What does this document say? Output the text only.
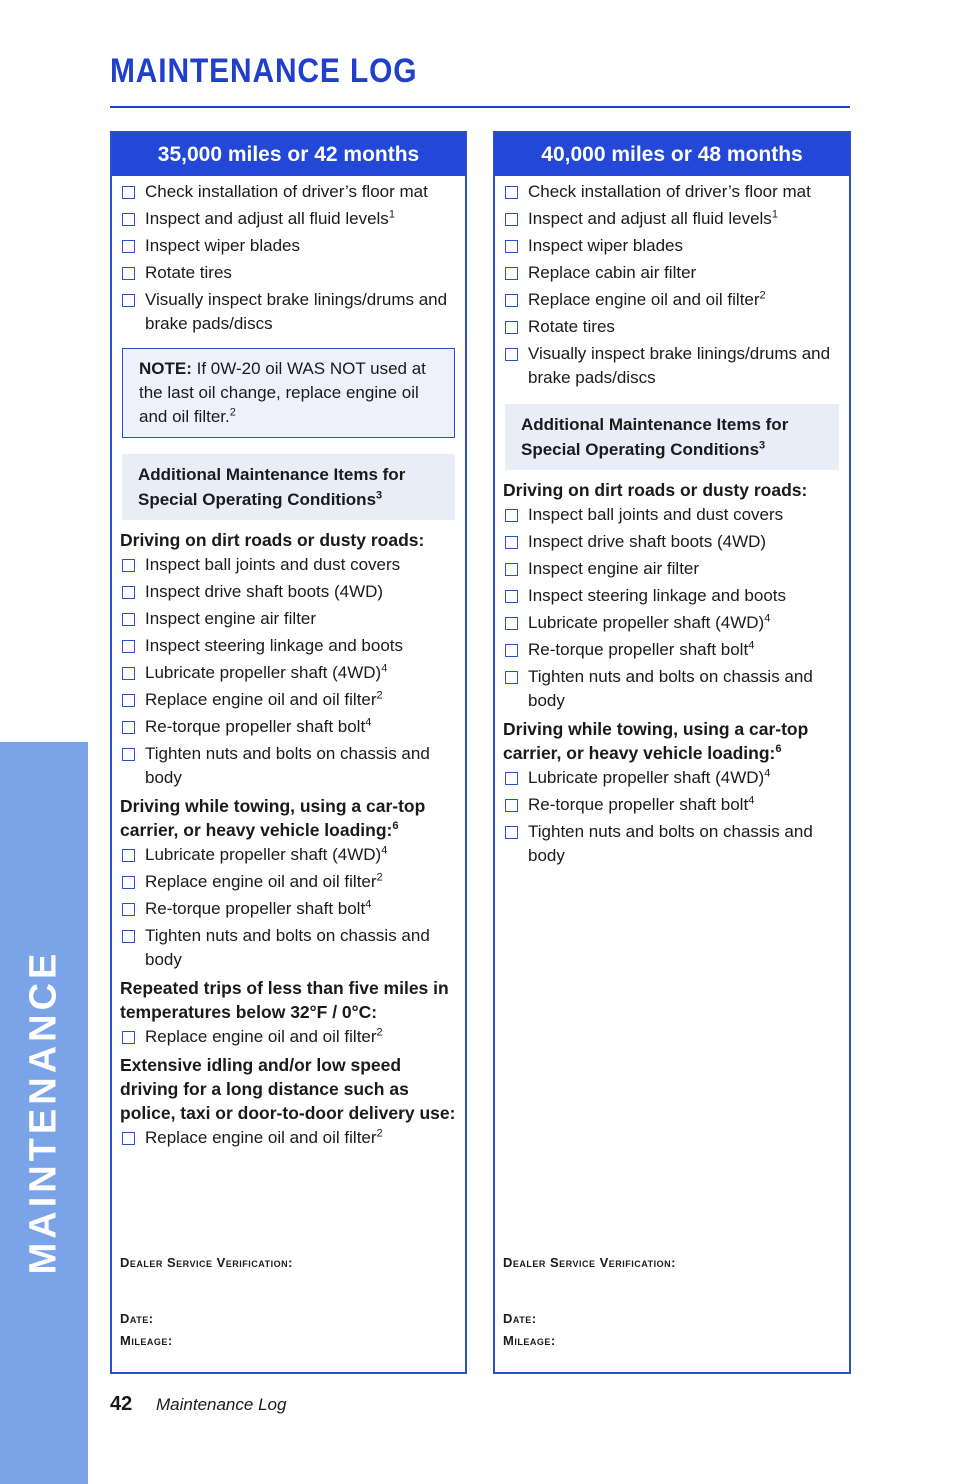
MAINTENANCE
MAINTENANCE LOG
35,000 miles or 42 months
Check installation of driver’s floor mat
Inspect and adjust all fluid levels$^1$
Inspect wiper blades
Rotate tires
Visually inspect brake linings/drums and brake pads/discs
NOTE: If 0W-20 oil WAS NOT used at the last oil change, replace engine oil and oil filter.$^2$
Additional Maintenance Items for Special Operating Conditions$^3$
Driving on dirt roads or dusty roads:
Inspect ball joints and dust covers
Inspect drive shaft boots (4WD)
Inspect engine air filter
Inspect steering linkage and boots
Lubricate propeller shaft $(4WD)^4$
Replace engine oil and oil filter$^2$
Re-torque propeller shaft bolt$^4$
Tighten nuts and bolts on chassis and body
Driving while towing, using a car-top carrier, or heavy vehicle loading:$^6$
Lubricate propeller shaft $(4WD)^4$
Replace engine oil and oil filter$^2$
Re-torque propeller shaft bolt$^4$
Tighten nuts and bolts on chassis and body
Repeated trips of less than five miles in temperatures below 32°F / 0°C:
Replace engine oil and oil filter$^2$
Extensive idling and/or low speed driving for a long distance such as police, taxi or door-to-door delivery use:
Replace engine oil and oil filter$^2$
Dealer Service Verification:
Date:
Mileage:
40,000 miles or 48 months
Check installation of driver’s floor mat
Inspect and adjust all fluid levels$^1$
Inspect wiper blades
Replace cabin air filter
Replace engine oil and oil filter$^2$
Rotate tires
Visually inspect brake linings/drums and brake pads/discs
Additional Maintenance Items for Special Operating Conditions$^3$
Driving on dirt roads or dusty roads:
Inspect ball joints and dust covers
Inspect drive shaft boots (4WD)
Inspect engine air filter
Inspect steering linkage and boots
Lubricate propeller shaft $(4WD)^4$
Re-torque propeller shaft bolt$^4$
Tighten nuts and bolts on chassis and body
Driving while towing, using a car-top carrier, or heavy vehicle loading:$^6$
Lubricate propeller shaft $(4WD)^4$
Re-torque propeller shaft bolt$^4$
Tighten nuts and bolts on chassis and body
Dealer Service Verification:
Date:
Mileage:
42 Maintenance Log
